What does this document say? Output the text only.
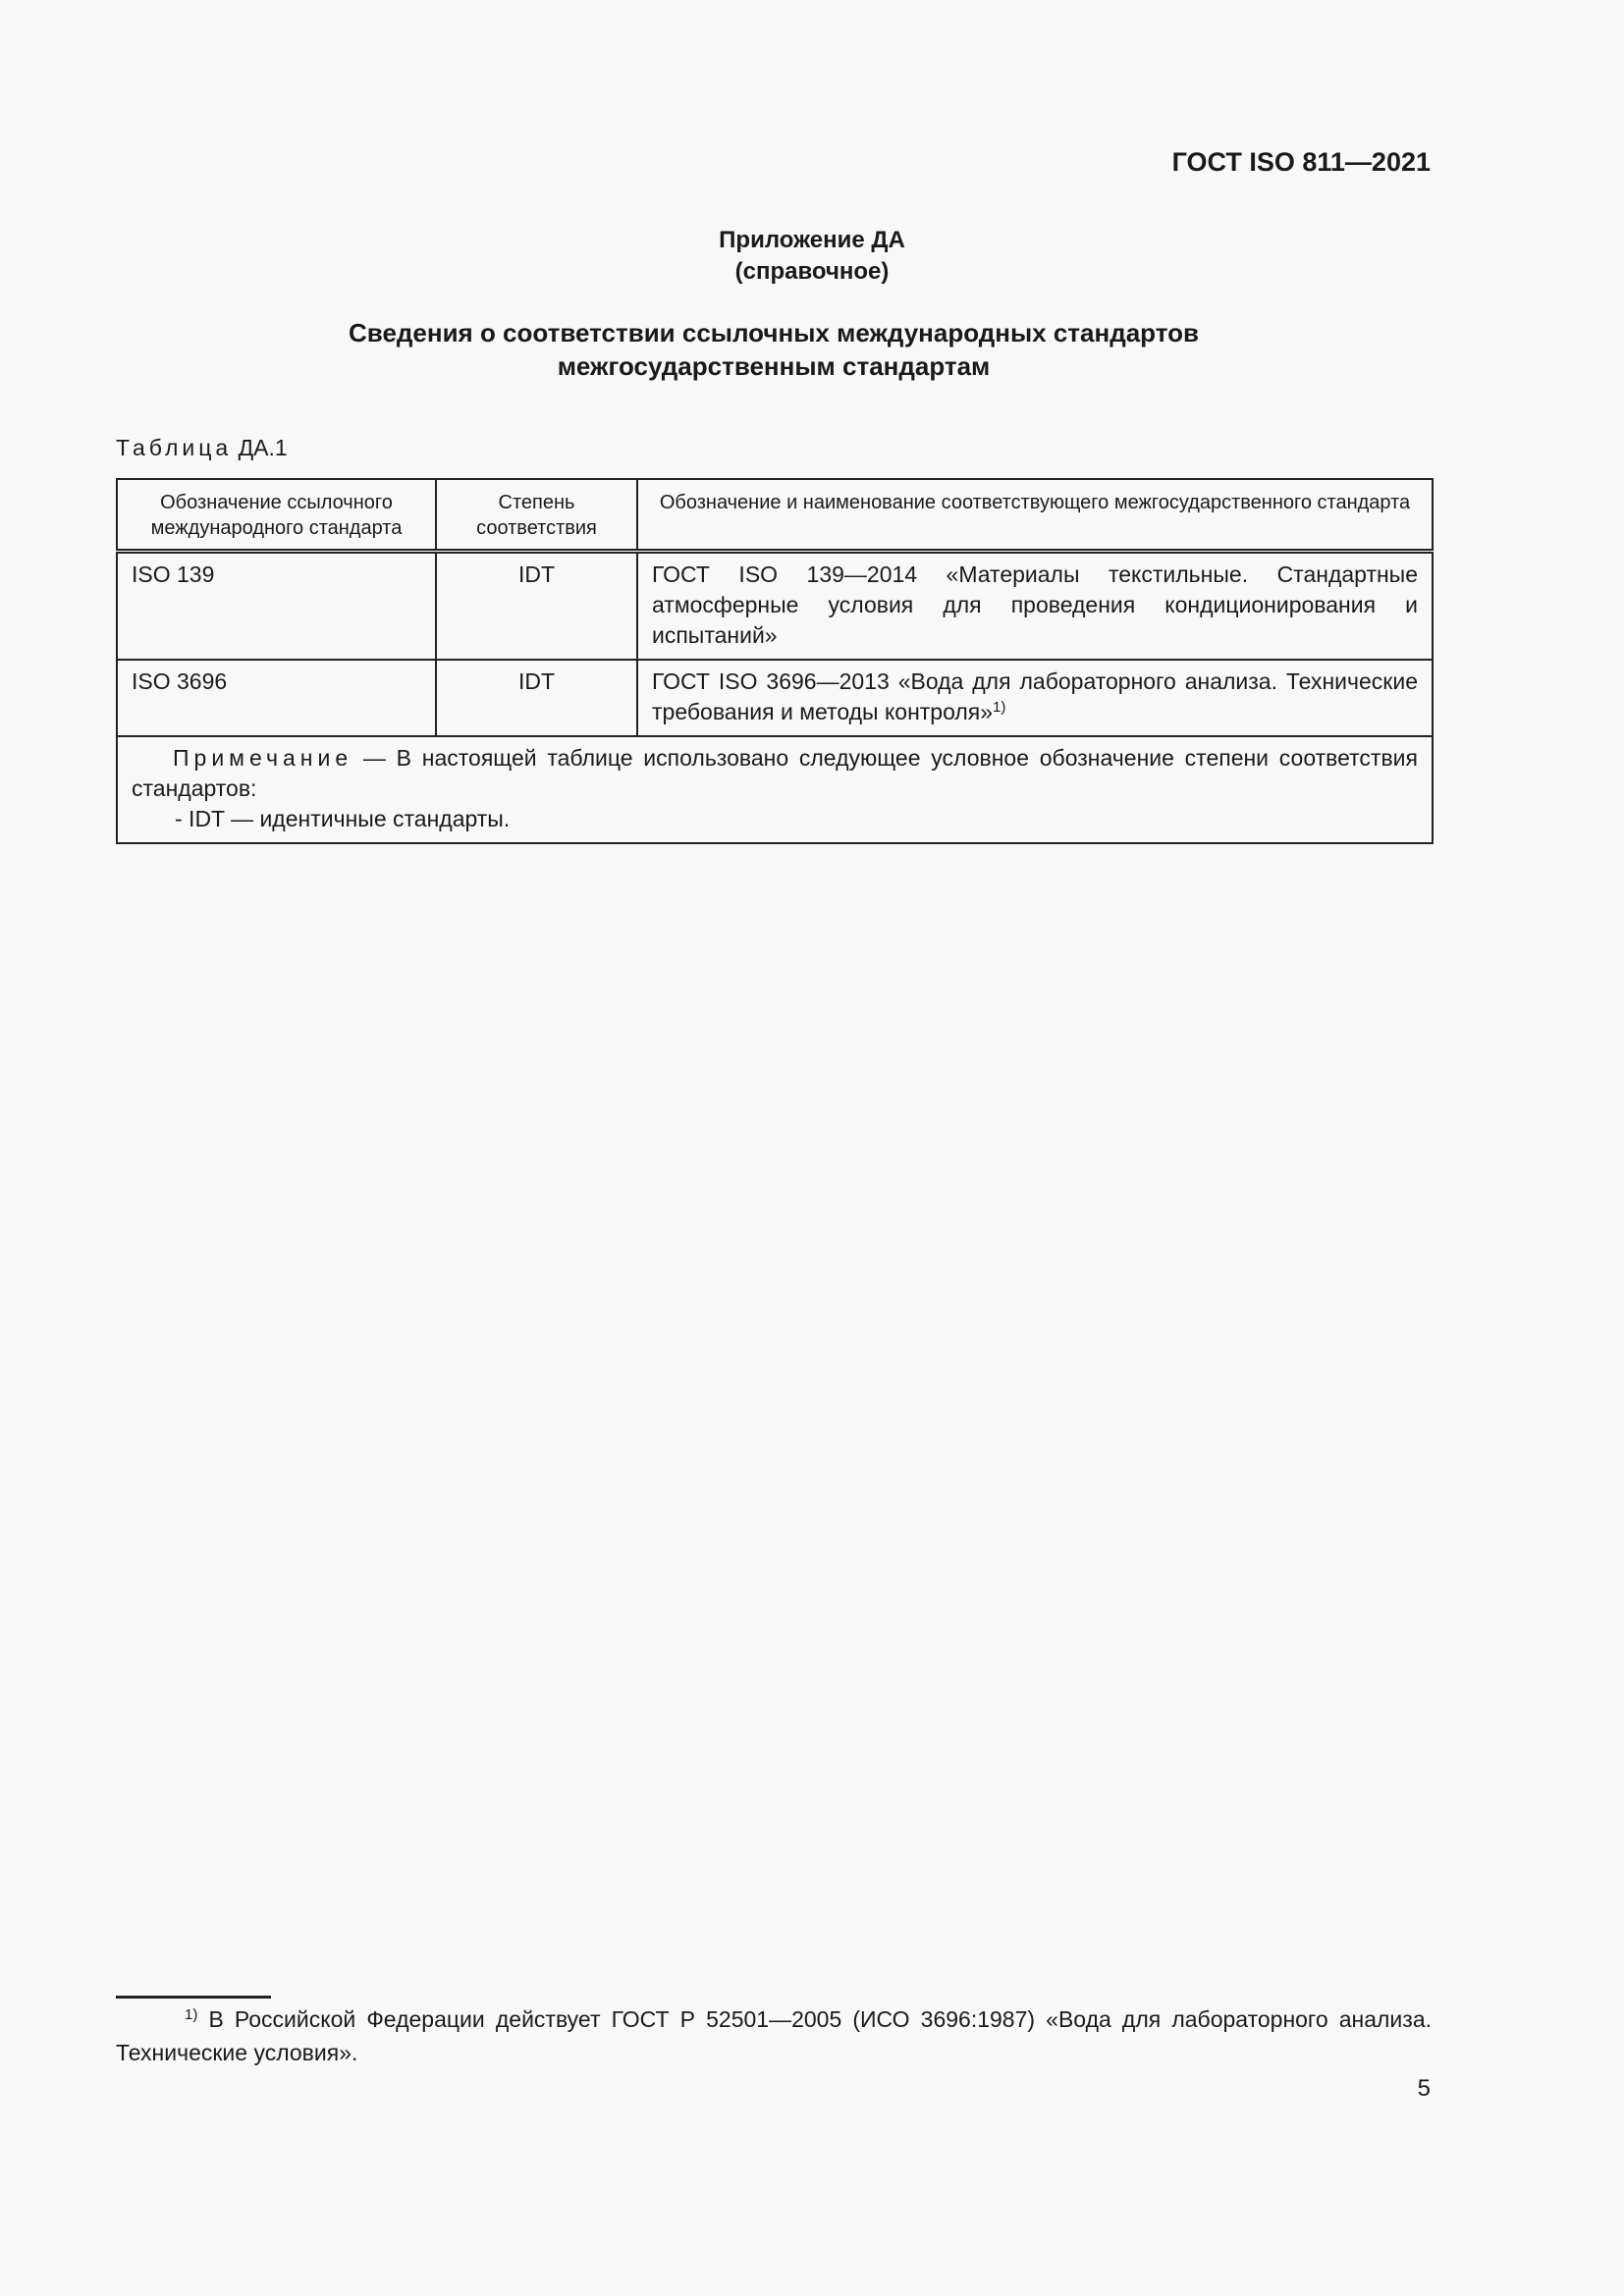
ГОСТ ISO 811—2021
Приложение ДА
(справочное)
Сведения о соответствии ссылочных международных стандартов
межгосударственным стандартам
Таблица ДА.1
Обозначение ссылочного международного стандарта	Степень соответствия	Обозначение и наименование соответствующего межгосударственного стандарта
ISO 139	IDT	ГОСТ ISO 139—2014 «Материалы текстильные. Стандартные атмосферные условия для проведения кондиционирования и испытаний»
ISO 3696	IDT	ГОСТ ISO 3696—2013 «Вода для лабораторного анализа. Технические требования и методы контроля»$^{1)}$
Примечание — В настоящей таблице использовано следующее условное обозначение степени соответствия стандартов:
- IDT — идентичные стандарты.		
$^{1)}$ В Российской Федерации действует ГОСТ Р 52501—2005 (ИСО 3696:1987) «Вода для лабораторного анализа. Технические условия».
5
